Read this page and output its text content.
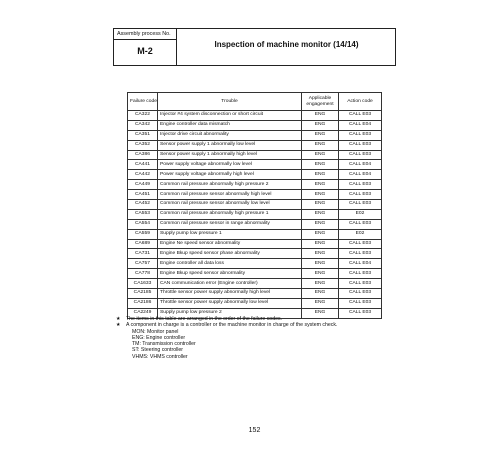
Assembly process No.
M-2
Inspection of machine monitor (14/14)
Failure code	Trouble	Applicable engagement	Action code
CA322	Injector #4 system disconnection or short circuit	ENG	CALL E03
CA342	Engine controller data mismatch	ENG	CALL E04
CA351	Injector drive circuit abnormality	ENG	CALL E03
CA352	Sensor power supply 1 abnormally low level	ENG	CALL E03
CA386	Sensor power supply 1 abnormally high level	ENG	CALL E03
CA441	Power supply voltage abnormally low level	ENG	CALL E04
CA442	Power supply voltage abnormally high level	ENG	CALL E04
CA449	Common rail pressure abnormally high pressure 2	ENG	CALL E03
CA451	Common rail pressure sensor abnormally high level	ENG	CALL E03
CA452	Common rail pressure sensor abnormally low level	ENG	CALL E03
CA553	Common rail pressure abnormally high pressure 1	ENG	E02
CA554	Common rail pressure sensor in range abnormality	ENG	CALL E03
CA559	Supply pump low pressure 1	ENG	E02
CA689	Engine Ne speed sensor abnormality	ENG	CALL E03
CA731	Engine Bkup speed sensor phase abnormality	ENG	CALL E03
CA757	Engine controller all data loss	ENG	CALL E04
CA778	Engine Bkup speed sensor abnormality	ENG	CALL E03
CA1633	CAN communication error (Engine controller)	ENG	CALL E03
CA2185	Throttle sensor power supply abnormally high level	ENG	CALL E03
CA2186	Throttle sensor power supply abnormally low level	ENG	CALL E03
CA2249	Supply pump low pressure 2	ENG	CALL E03
★ The items in this table are arranged in the order of the failure codes.
★ A component in charge is a controller or the machine monitor in charge of the system check.
MON: Monitor panel
ENG: Engine controller
TM: Transmission controller
ST: Steering controller
VHMS: VHMS controller
152
